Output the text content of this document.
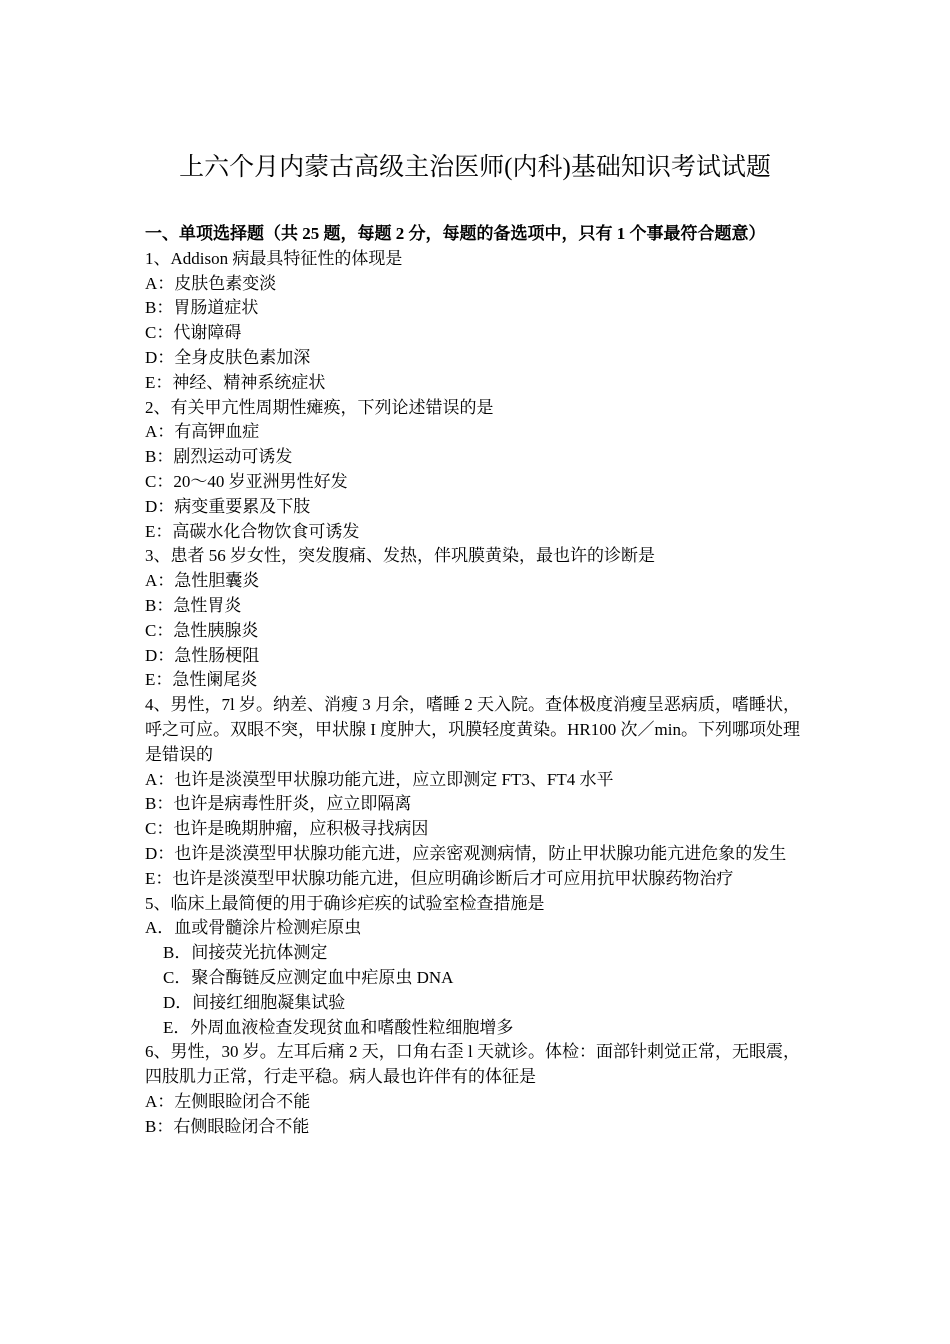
上六个月内蒙古高级主治医师(内科)基础知识考试试题

一、单项选择题（共 25 题，每题 2 分，每题的备选项中，只有 1 个事最符合题意）

1、Addison 病最具特征性的体现是

A：皮肤色素变淡

B：胃肠道症状

C：代谢障碍

D：全身皮肤色素加深

E：神经、精神系统症状

2、有关甲亢性周期性瘫痪，下列论述错误的是

A：有高钾血症

B：剧烈运动可诱发

C：20～40 岁亚洲男性好发

D：病变重要累及下肢

E：高碳水化合物饮食可诱发

3、患者 56 岁女性，突发腹痛、发热，伴巩膜黄染，最也许的诊断是

A：急性胆囊炎

B：急性胃炎

C：急性胰腺炎

D：急性肠梗阻

E：急性阑尾炎

4、男性，7l 岁。纳差、消瘦 3 月余，嗜睡 2 天入院。查体极度消瘦呈恶病质，嗜睡状，呼之可应。双眼不突，甲状腺 I 度肿大，巩膜轻度黄染。HR100 次／min。下列哪项处理是错误的

A：也许是淡漠型甲状腺功能亢进，应立即测定 FT3、FT4 水平

B：也许是病毒性肝炎，应立即隔离

C：也许是晚期肿瘤，应积极寻找病因

D：也许是淡漠型甲状腺功能亢进，应亲密观测病情，防止甲状腺功能亢进危象的发生

E：也许是淡漠型甲状腺功能亢进，但应明确诊断后才可应用抗甲状腺药物治疗

5、临床上最简便的用于确诊疟疾的试验室检查措施是

A．血或骨髓涂片检测疟原虫

B．间接荧光抗体测定

C．聚合酶链反应测定血中疟原虫 DNA

D．间接红细胞凝集试验

E．外周血液检查发现贫血和嗜酸性粒细胞增多

6、男性，30 岁。左耳后痛 2 天，口角右歪 l 天就诊。体检：面部针刺觉正常，无眼震，四肢肌力正常，行走平稳。病人最也许伴有的体征是

A：左侧眼睑闭合不能

B：右侧眼睑闭合不能
